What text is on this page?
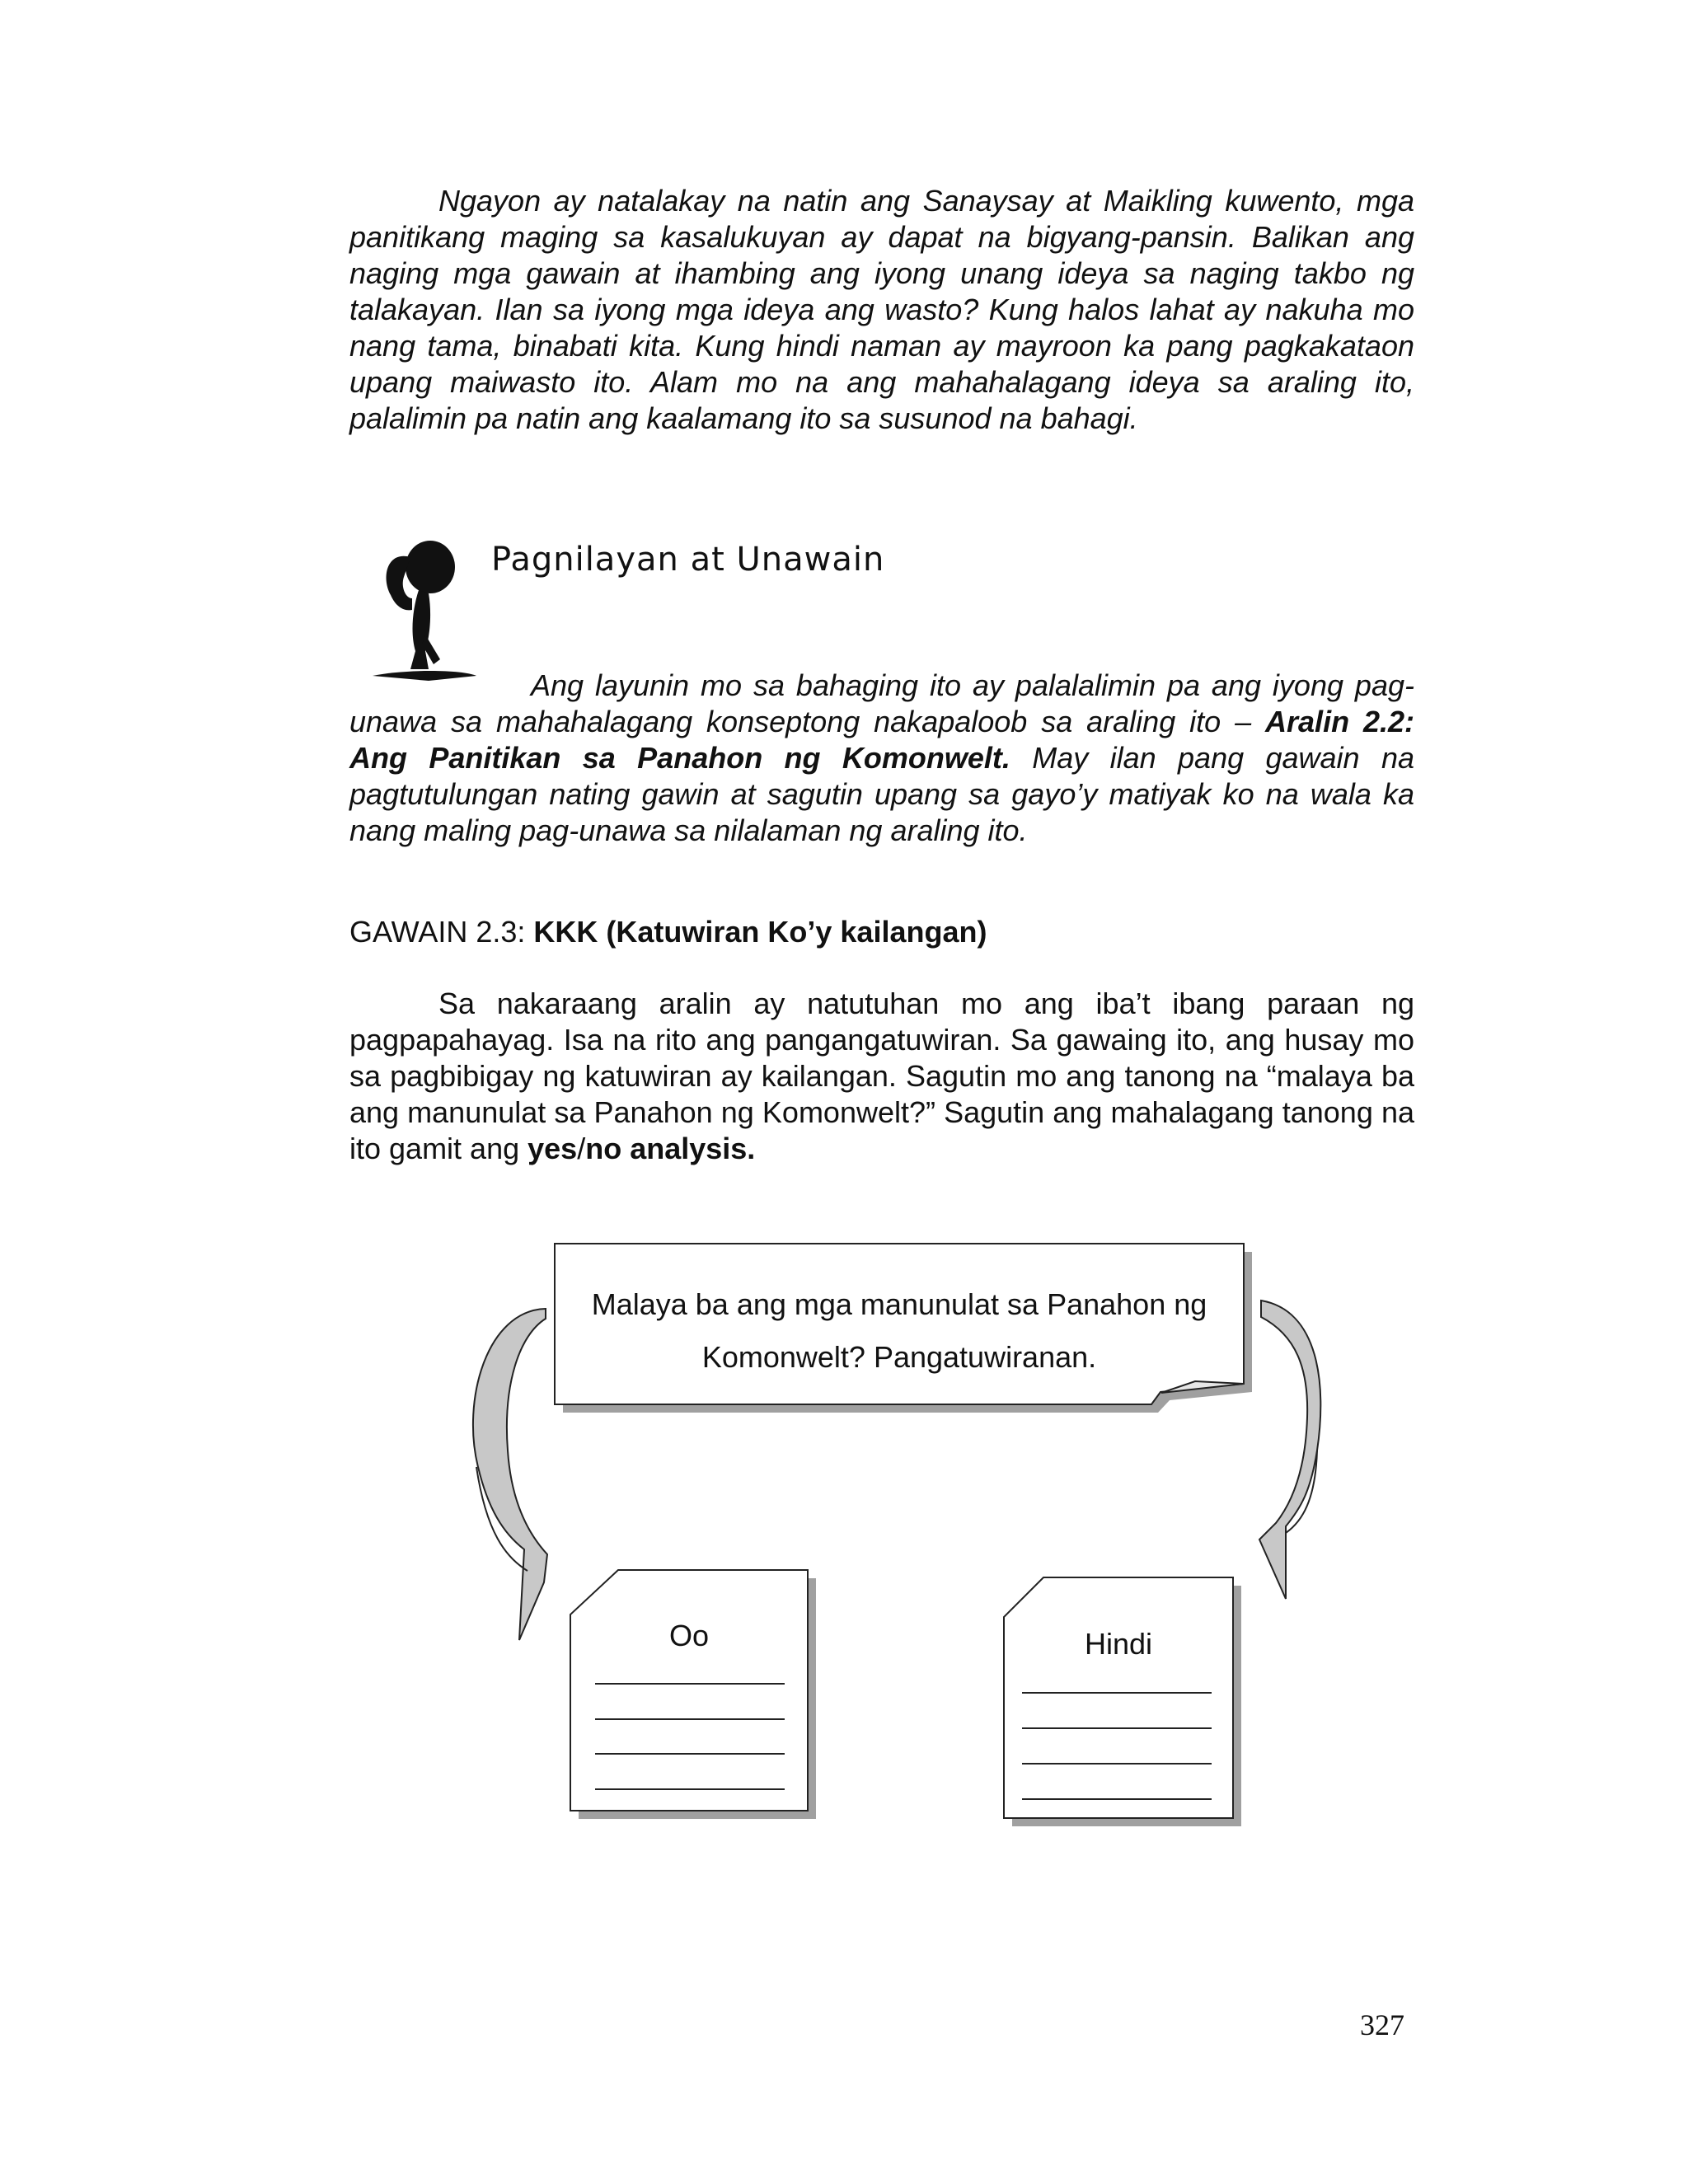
Ngayon ay natalakay na natin ang Sanaysay at Maikling kuwento, mga panitikang maging sa kasalukuyan ay dapat na bigyang-pansin. Balikan ang naging mga gawain at ihambing ang iyong unang ideya sa naging takbo ng talakayan. Ilan sa iyong mga ideya ang wasto? Kung halos lahat ay nakuha mo nang tama, binabati kita. Kung hindi naman ay mayroon ka pang pagkakataon upang maiwasto ito. Alam mo na ang mahahalagang ideya sa araling ito, palalimin pa natin ang kaalamang ito sa susunod na bahagi.

Pagnilayan at Unawain

Ang layunin mo sa bahaging ito ay palalalimin pa ang iyong pag-unawa sa mahahalagang konseptong nakapaloob sa araling ito – Aralin 2.2: Ang Panitikan sa Panahon ng Komonwelt. May ilan pang gawain na pagtutulungan nating gawin at sagutin upang sa gayo’y matiyak ko na wala ka nang maling pag-unawa sa nilalaman ng araling ito.

GAWAIN 2.3: KKK (Katuwiran Ko’y kailangan)

Sa nakaraang aralin ay natutuhan mo ang iba’t ibang paraan ng pagpapahayag. Isa na rito ang pangangatuwiran. Sa gawaing ito, ang husay mo sa pagbibigay ng katuwiran ay kailangan. Sagutin mo ang tanong na “malaya ba ang manunulat sa Panahon ng Komonwelt?” Sagutin ang mahalagang tanong na ito gamit ang yes/no analysis.

Malaya ba ang mga manunulat sa Panahon ng

Komonwelt? Pangatuwiranan.

Oo	Hindi

327
